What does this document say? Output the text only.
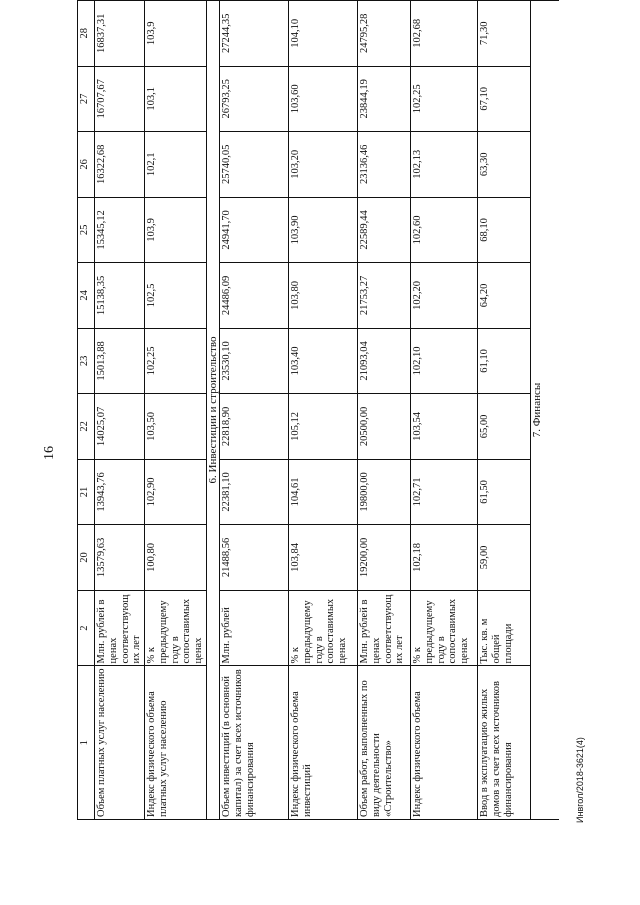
16
1	2	20	21	22	23	24	25	26	27	28
Объем платных услуг населению	Млн. рублей в ценах соответствующ их лет	13579,63	13943,76	14025,07	15013,88	15138,35	15345,12	16322,68	16707,67	16837,31
Индекс физического объема платных услуг населению	% к предыдущему году в сопоставимых ценах	100,80	102,90	103,50	102,25	102,5	103,9	102,1	103,1	103,9
6. Инвестиции и строительство										
Объем инвестиций (в основной капитал) за счет всех источников финансирования	Млн. рублей	21488,56	22381,10	22818,90	23530,10	24486,09	24941,70	25740,05	26793,25	27244,35
Индекс физического объема инвестиций	% к предыдущему году в сопоставимых ценах	103,84	104,61	105,12	103,40	103,80	103,90	103,20	103,60	104,10
Объем работ, выполненных по виду деятельности «Строительство»	Млн. рублей в ценах соответствующ их лет	19200,00	19800,00	20500,00	21093,04	21753,27	22589,44	23136,46	23844,19	24795,28
Индекс физического объема	% к предыдущему году в сопоставимых ценах	102,18	102,71	103,54	102,10	102,20	102,60	102,13	102,25	102,68
Ввод в эксплуатацию жилых домов за счет всех источников финансирования	Тыс. кв. м общей площади	59,00	61,50	65,00	61,10	64,20	68,10	63,30	67,10	71,30
7. Финансы										
Инвгол/2018-3621(4)
